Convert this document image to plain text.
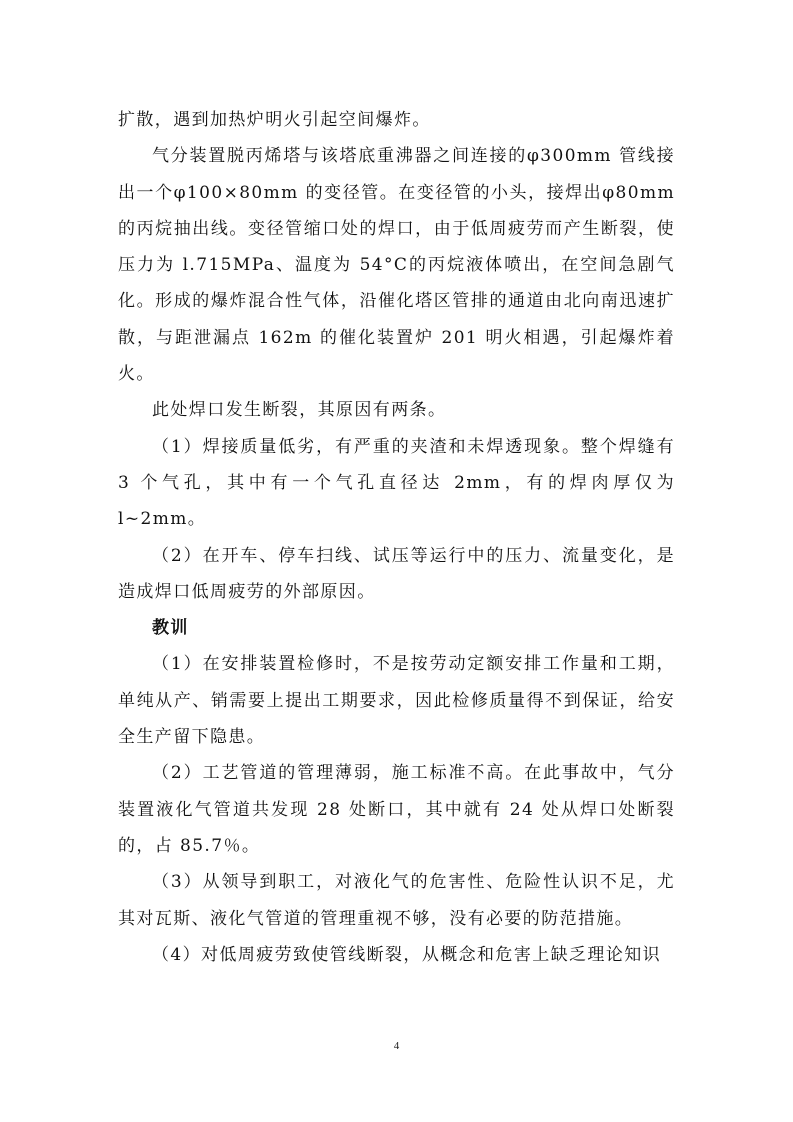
扩散，遇到加热炉明火引起空间爆炸。

气分装置脱丙烯塔与该塔底重沸器之间连接的φ300mm 管线接出一个φ100×80mm 的变径管。在变径管的小头，接焊出φ80mm 的丙烷抽出线。变径管缩口处的焊口，由于低周疲劳而产生断裂，使压力为 l.715MPa、温度为 54°C的丙烷液体喷出，在空间急剧气化。形成的爆炸混合性气体，沿催化塔区管排的通道由北向南迅速扩散，与距泄漏点 162m 的催化装置炉 201 明火相遇，引起爆炸着火。

此处焊口发生断裂，其原因有两条。

（1）焊接质量低劣，有严重的夹渣和未焊透现象。整个焊缝有 3 个气孔，其中有一个气孔直径达 2mm，有的焊肉厚仅为 l~2mm。

（2）在开车、停车扫线、试压等运行中的压力、流量变化，是造成焊口低周疲劳的外部原因。

教训

（1）在安排装置检修时，不是按劳动定额安排工作量和工期，单纯从产、销需要上提出工期要求，因此检修质量得不到保证，给安全生产留下隐患。

（2）工艺管道的管理薄弱，施工标准不高。在此事故中，气分装置液化气管道共发现 28 处断口，其中就有 24 处从焊口处断裂的，占 85.7％。

（3）从领导到职工，对液化气的危害性、危险性认识不足，尤其对瓦斯、液化气管道的管理重视不够，没有必要的防范措施。

（4）对低周疲劳致使管线断裂，从概念和危害上缺乏理论知识

4
